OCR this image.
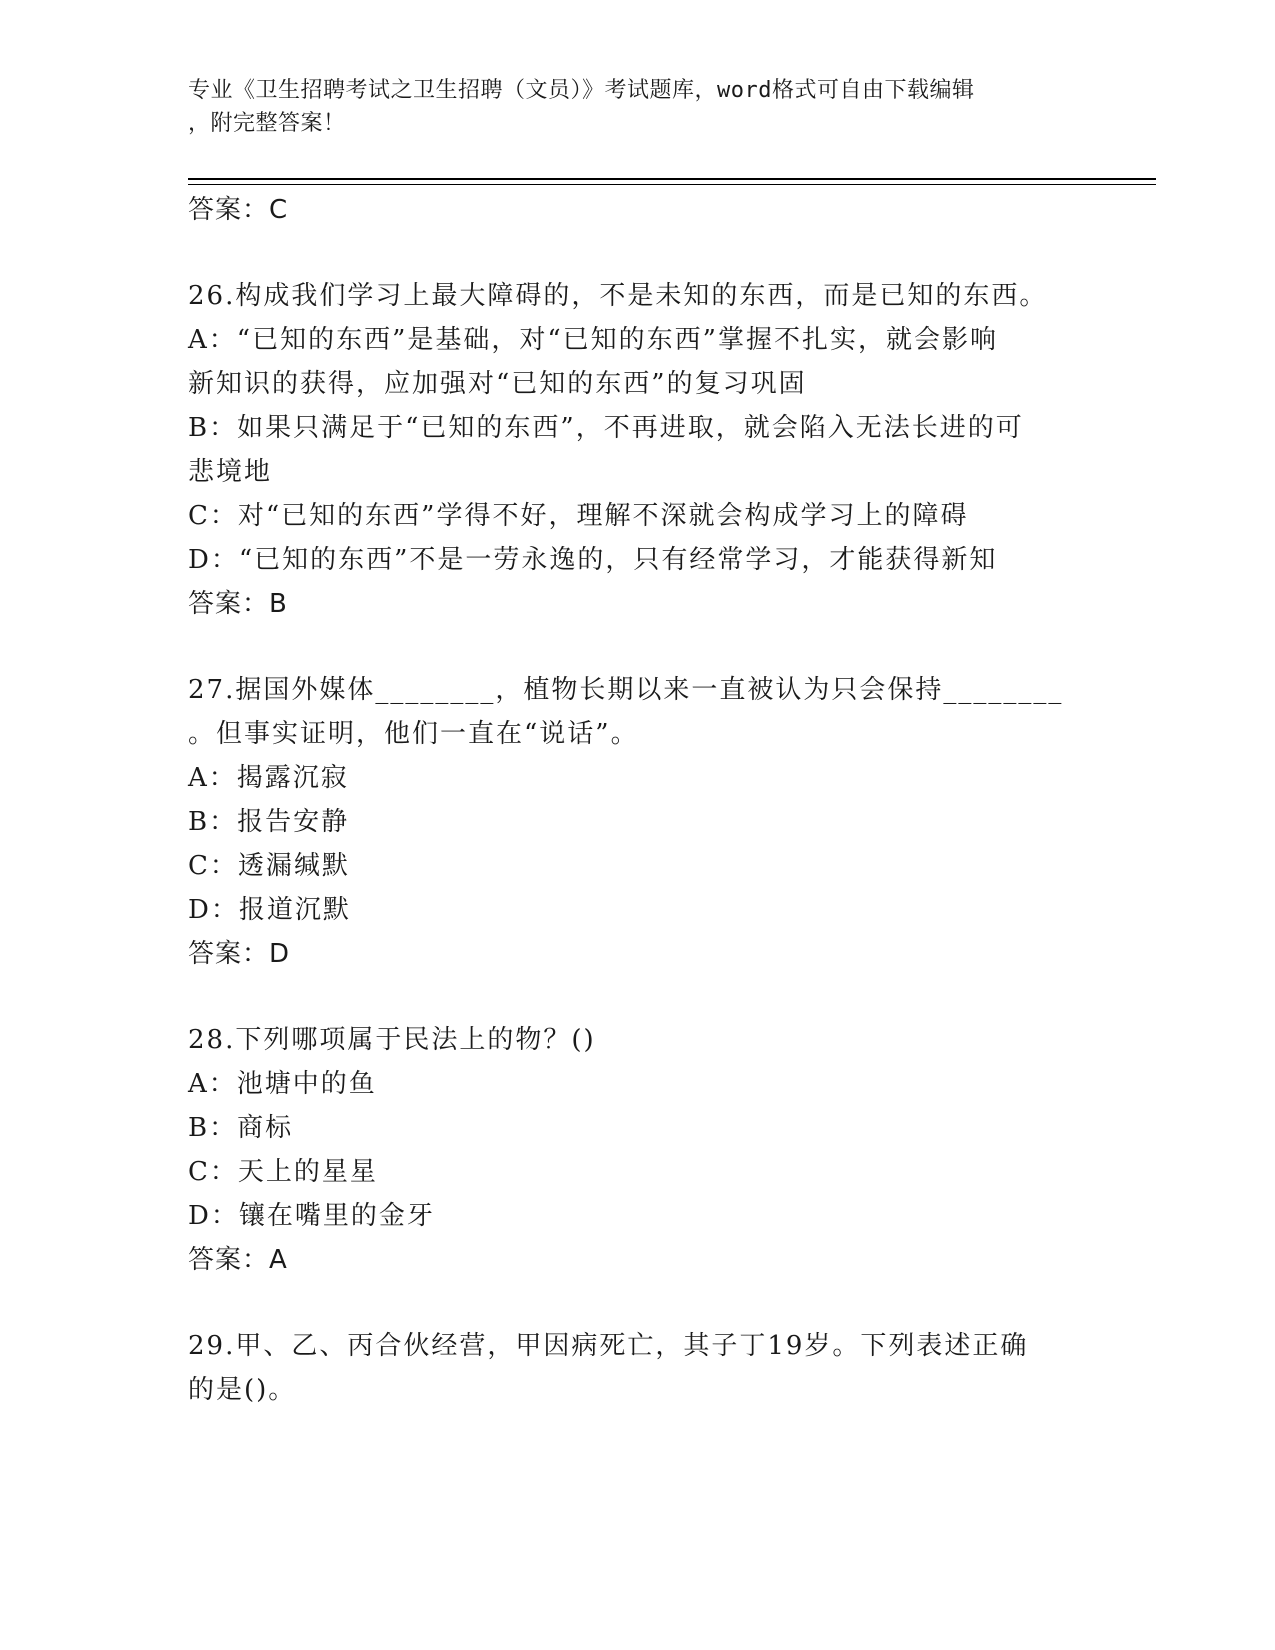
专业《卫生招聘考试之卫生招聘（文员）》考试题库，word格式可自由下载编辑
，附完整答案！
答案：C
26.构成我们学习上最大障碍的，不是未知的东西，而是已知的东西。
A：“已知的东西”是基础，对“已知的东西”掌握不扎实，就会影响
新知识的获得，应加强对“已知的东西”的复习巩固
B：如果只满足于“已知的东西”，不再进取，就会陷入无法长进的可
悲境地
C：对“已知的东西”学得不好，理解不深就会构成学习上的障碍
D：“已知的东西”不是一劳永逸的，只有经常学习，才能获得新知
答案：B
27.据国外媒体________，植物长期以来一直被认为只会保持________
。但事实证明，他们一直在“说话”。
A：揭露沉寂
B：报告安静
C：透漏缄默
D：报道沉默
答案：D
28.下列哪项属于民法上的物？()
A：池塘中的鱼
B：商标
C：天上的星星
D：镶在嘴里的金牙
答案：A
29.甲、乙、丙合伙经营，甲因病死亡，其子丁19岁。下列表述正确
的是()。
